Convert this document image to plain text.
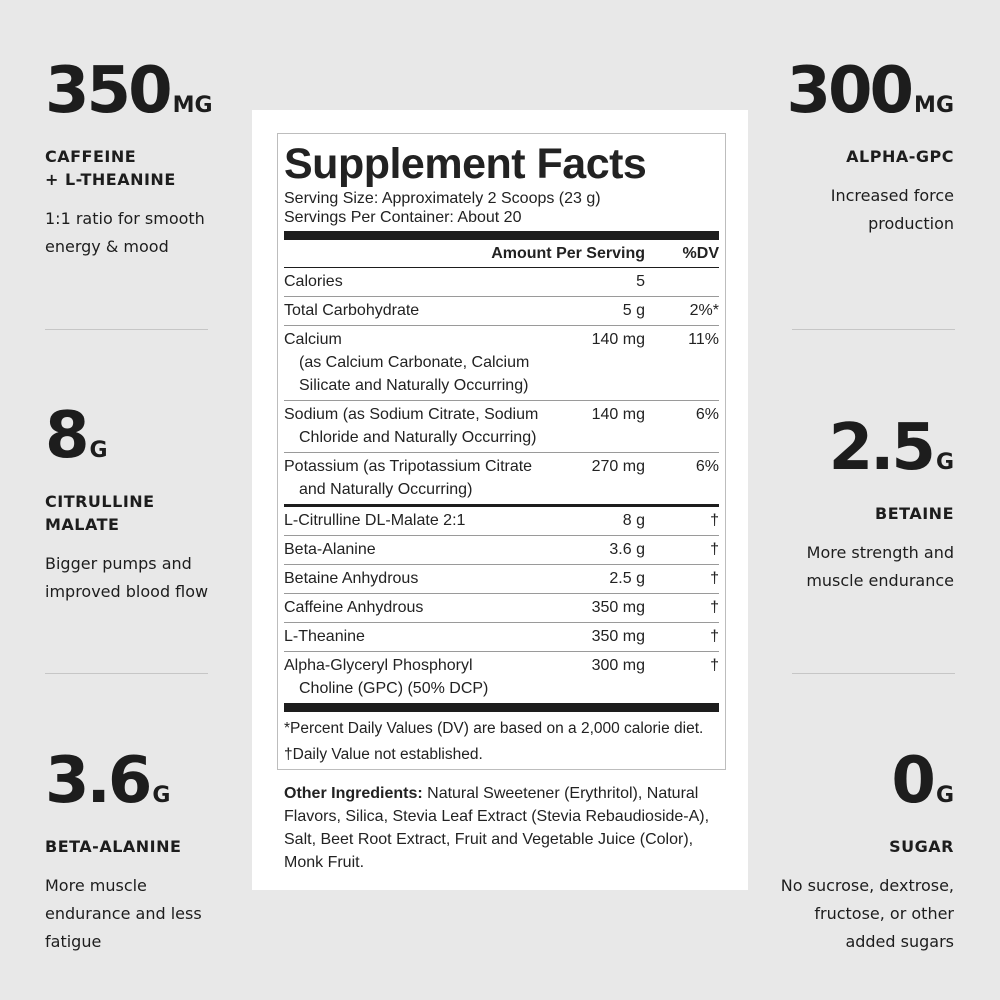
350 MG
CAFFEINE
+ L-THEANINE
1:1 ratio for smooth
energy & mood
8 G
CITRULLINE
MALATE
Bigger pumps and
improved blood flow
3.6 G
BETA-ALANINE
More muscle
endurance and less
fatigue
300 MG
ALPHA-GPC
Increased force
production
2.5 G
BETAINE
More strength and
muscle endurance
0 G
SUGAR
No sucrose, dextrose,
fructose, or other
added sugars
Supplement Facts
Serving Size: Approximately 2 Scoops (23 g)
Servings Per Container: About 20
Amount Per Serving	%DV
Calories	5
Total Carbohydrate	5 g	2%*
Calcium
(as Calcium Carbonate, Calcium
Silicate and Naturally Occurring)
140 mg	11%
Sodium (as Sodium Citrate, Sodium
Chloride and Naturally Occurring)
140 mg	6%
Potassium (as Tripotassium Citrate
and Naturally Occurring)
270 mg	6%
L-Citrulline DL-Malate 2:1	8 g	†
Beta-Alanine	3.6 g	†
Betaine Anhydrous	2.5 g	†
Caffeine Anhydrous	350 mg	†
L-Theanine	350 mg	†
Alpha-Glyceryl Phosphoryl
Choline (GPC) (50% DCP)
300 mg	†
*Percent Daily Values (DV) are based on a 2,000 calorie diet.
†Daily Value not established.
Other Ingredients: Natural Sweetener (Erythritol), Natural Flavors, Silica, Stevia Leaf Extract (Stevia Rebaudioside-A), Salt, Beet Root Extract, Fruit and Vegetable Juice (Color), Monk Fruit.
